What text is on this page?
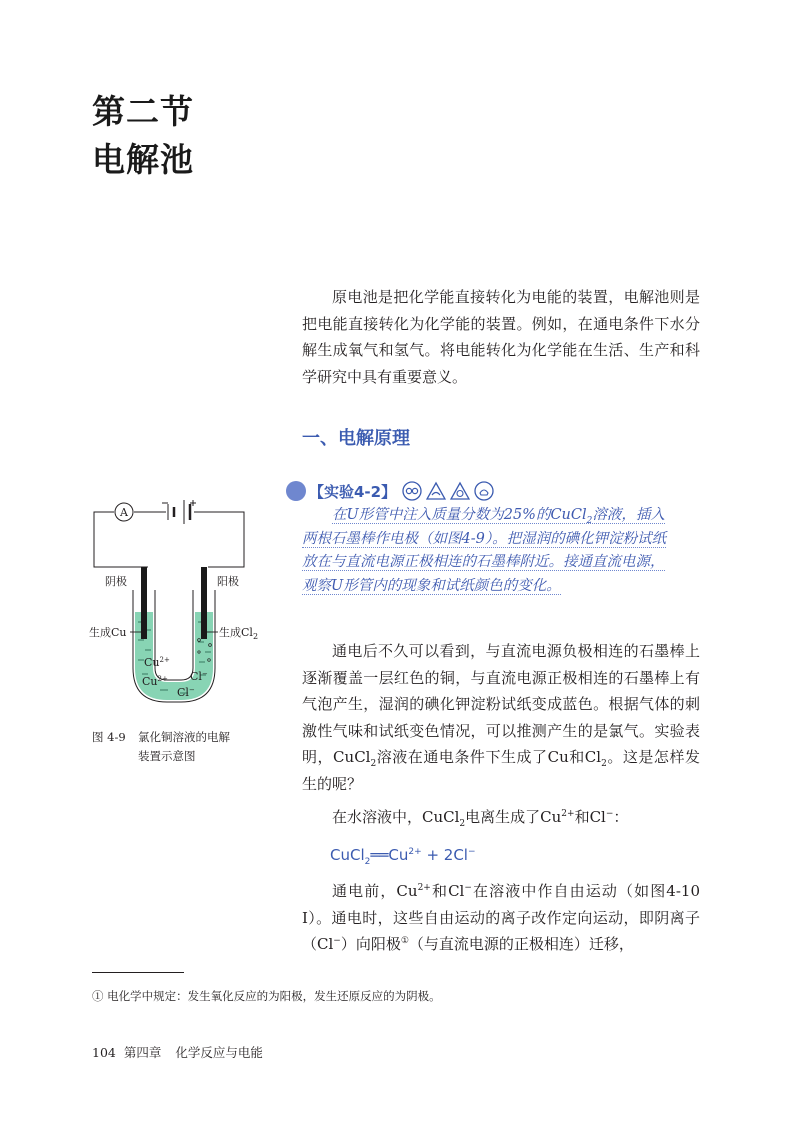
第二节
电解池

原电池是把化学能直接转化为电能的装置，电解池则是把电能直接转化为化学能的装置。例如，在通电条件下水分解生成氧气和氢气。将电能转化为化学能在生活、生产和科学研究中具有重要意义。

一、电解原理
【实验4-2】
在U形管中注入质量分数为25%的CuCl$_2$溶液，插入
两根石墨棒作电极（如图4-9）。把湿润的碘化钾淀粉试纸
放在与直流电源正极相连的石墨棒附近。接通直流电源，
观察U形管内的现象和试纸颜色的变化。
A
阴极	阳极
生成Cu	生成$Cl_2$
$Cu^{2+}$
$Cu^{2+}$ Cl−
Cl−
图 4-9 氯化铜溶液的电解
装置示意图

通电后不久可以看到，与直流电源负极相连的石墨棒上逐渐覆盖一层红色的铜，与直流电源正极相连的石墨棒上有气泡产生，湿润的碘化钾淀粉试纸变成蓝色。根据气体的刺激性气味和试纸变色情况，可以推测产生的是氯气。实验表明，CuCl$_2$溶液在通电条件下生成了Cu和$Cl_2$。这是怎样发生的呢？

在水溶液中，CuCl$_2$电离生成了$Cu^{2+}$和Cl−：

$CuCl_2══Cu^{2+} + 2Cl^-$

通电前，$Cu^{2+}$和Cl−在溶液中作自由运动（如图4-10 Ⅰ）。通电时，这些自由运动的离子改作定向运动，即阴离子（Cl−）向阳极①（与直流电源的正极相连）迁移，

① 电化学中规定：发生氧化反应的为阳极，发生还原反应的为阴极。
104 第四章 化学反应与电能
